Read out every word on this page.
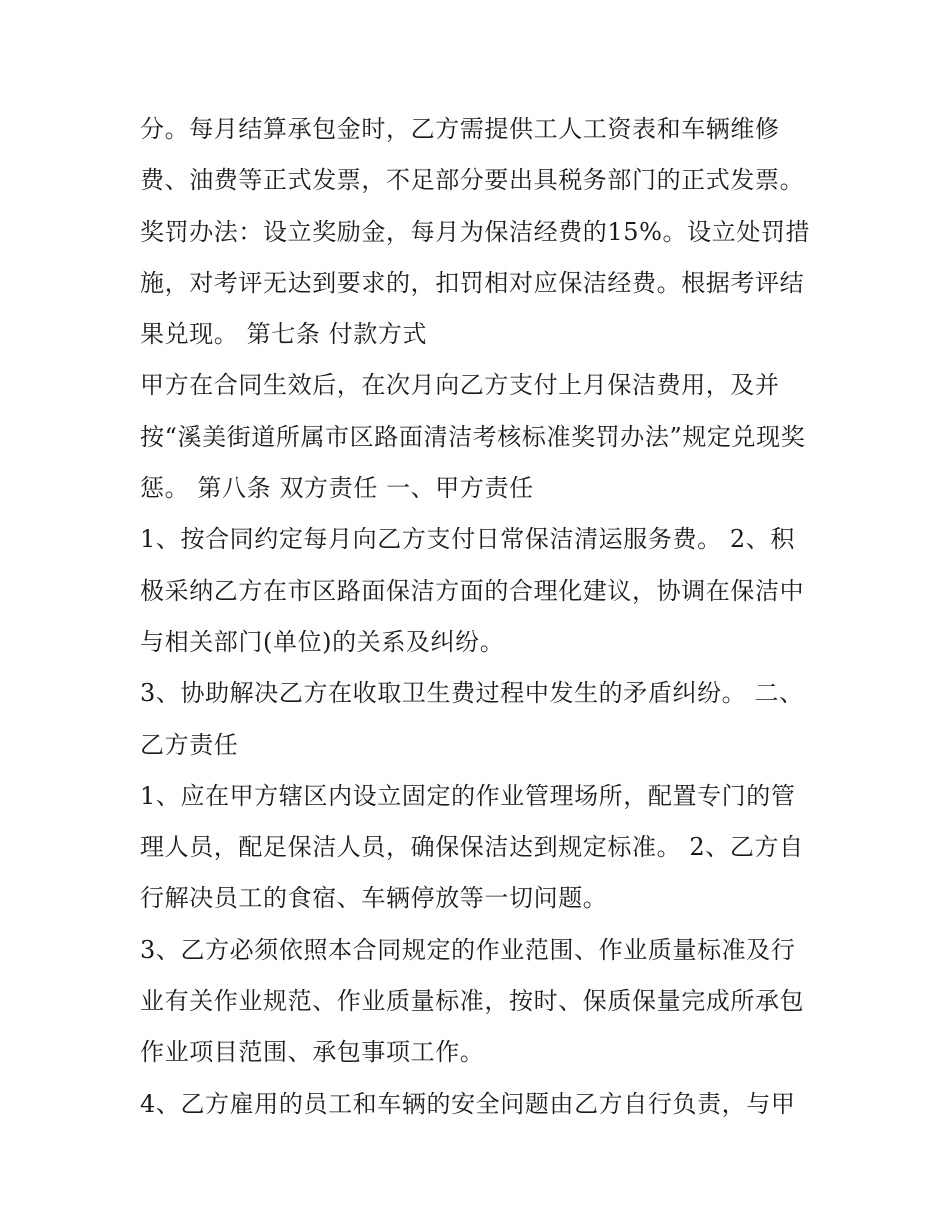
分。每月结算承包金时，乙方需提供工人工资表和车辆维修
费、油费等正式发票，不足部分要出具税务部门的正式发票。
奖罚办法：设立奖励金，每月为保洁经费的15%。设立处罚措
施，对考评无达到要求的，扣罚相对应保洁经费。根据考评结
果兑现。 第七条 付款方式
甲方在合同生效后，在次月向乙方支付上月保洁费用，及并
按“溪美街道所属市区路面清洁考核标准奖罚办法”规定兑现奖
惩。 第八条 双方责任 一、甲方责任
1、按合同约定每月向乙方支付日常保洁清运服务费。 2、积
极采纳乙方在市区路面保洁方面的合理化建议，协调在保洁中
与相关部门(单位)的关系及纠纷。
3、协助解决乙方在收取卫生费过程中发生的矛盾纠纷。 二、
乙方责任
1、应在甲方辖区内设立固定的作业管理场所，配置专门的管
理人员，配足保洁人员，确保保洁达到规定标准。 2、乙方自
行解决员工的食宿、车辆停放等一切问题。
3、乙方必须依照本合同规定的作业范围、作业质量标准及行
业有关作业规范、作业质量标准，按时、保质保量完成所承包
作业项目范围、承包事项工作。
4、乙方雇用的员工和车辆的安全问题由乙方自行负责，与甲
